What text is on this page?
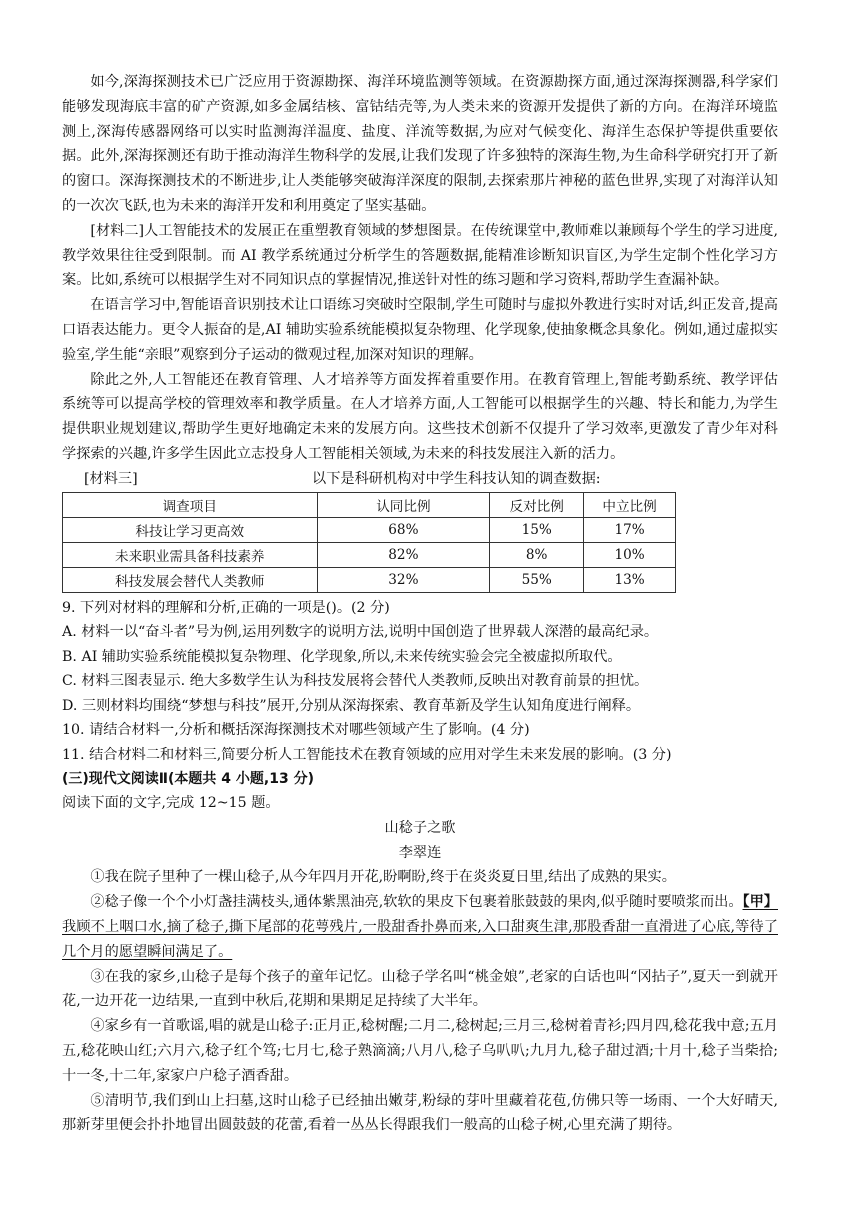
如今,深海探测技术已广泛应用于资源勘探、海洋环境监测等领域。在资源勘探方面,通过深海探测器,科学家们能够发现海底丰富的矿产资源,如多金属结核、富钴结壳等,为人类未来的资源开发提供了新的方向。在海洋环境监测上,深海传感器网络可以实时监测海洋温度、盐度、洋流等数据,为应对气候变化、海洋生态保护等提供重要依据。此外,深海探测还有助于推动海洋生物科学的发展,让我们发现了许多独特的深海生物,为生命科学研究打开了新的窗口。深海探测技术的不断进步,让人类能够突破海洋深度的限制,去探索那片神秘的蓝色世界,实现了对海洋认知的一次次飞跃,也为未来的海洋开发和利用奠定了坚实基础。

[材料二]人工智能技术的发展正在重塑教育领域的梦想图景。在传统课堂中,教师难以兼顾每个学生的学习进度,教学效果往往受到限制。而 AI 教学系统通过分析学生的答题数据,能精准诊断知识盲区,为学生定制个性化学习方案。比如,系统可以根据学生对不同知识点的掌握情况,推送针对性的练习题和学习资料,帮助学生查漏补缺。

在语言学习中,智能语音识别技术让口语练习突破时空限制,学生可随时与虚拟外教进行实时对话,纠正发音,提高口语表达能力。更令人振奋的是,AI 辅助实验系统能模拟复杂物理、化学现象,使抽象概念具象化。例如,通过虚拟实验室,学生能“亲眼”观察到分子运动的微观过程,加深对知识的理解。

除此之外,人工智能还在教育管理、人才培养等方面发挥着重要作用。在教育管理上,智能考勤系统、教学评估系统等可以提高学校的管理效率和教学质量。在人才培养方面,人工智能可以根据学生的兴趣、特长和能力,为学生提供职业规划建议,帮助学生更好地确定未来的发展方向。这些技术创新不仅提升了学习效率,更激发了青少年对科学探索的兴趣,许多学生因此立志投身人工智能相关领域,为未来的科技发展注入新的活力。

[材料三]	以下是科研机构对中学生科技认知的调查数据:
调查项目	认同比例	反对比例	中立比例
科技让学习更高效	68%	15%	17%
未来职业需具备科技素养	82%	8%	10%
科技发展会替代人类教师	32%	55%	13%

9. 下列对材料的理解和分析,正确的一项是()。(2 分)

A. 材料一以“奋斗者”号为例,运用列数字的说明方法,说明中国创造了世界载人深潜的最高纪录。

B. AI 辅助实验系统能模拟复杂物理、化学现象,所以,未来传统实验会完全被虚拟所取代。

C. 材料三图表显示. 绝大多数学生认为科技发展将会替代人类教师,反映出对教育前景的担忧。

D. 三则材料均围绕“梦想与科技”展开,分别从深海探索、教育革新及学生认知角度进行阐释。

10. 请结合材料一,分析和概括深海探测技术对哪些领域产生了影响。(4 分)

11. 结合材料二和材料三,简要分析人工智能技术在教育领域的应用对学生未来发展的影响。(3 分)

(三)现代文阅读Ⅱ(本题共 4 小题,13 分)

阅读下面的文字,完成 12~15 题。

山稔子之歌

李翠连

①我在院子里种了一棵山稔子,从今年四月开花,盼啊盼,终于在炎炎夏日里,结出了成熟的果实。

②稔子像一个个小灯盏挂满枝头,通体紫黑油亮,软软的果皮下包裹着胀鼓鼓的果肉,似乎随时要喷浆而出。【甲】我顾不上咽口水,摘了稔子,撕下尾部的花萼残片,一股甜香扑鼻而来,入口甜爽生津,那股香甜一直滑进了心底,等待了几个月的愿望瞬间满足了。

③在我的家乡,山稔子是每个孩子的童年记忆。山稔子学名叫“桃金娘”,老家的白话也叫“冈拈子”,夏天一到就开花,一边开花一边结果,一直到中秋后,花期和果期足足持续了大半年。

④家乡有一首歌谣,唱的就是山稔子:正月正,稔树醒;二月二,稔树起;三月三,稔树着青衫;四月四,稔花我中意;五月五,稔花映山红;六月六,稔子红个笃;七月七,稔子熟滴滴;八月八,稔子乌叭叭;九月九,稔子甜过酒;十月十,稔子当柴拾;十一冬,十二年,家家户户稔子酒香甜。

⑤清明节,我们到山上扫墓,这时山稔子已经抽出嫩芽,粉绿的芽叶里藏着花苞,仿佛只等一场雨、一个大好晴天,那新芽里便会扑扑地冒出圆鼓鼓的花蕾,看着一丛丛长得跟我们一般高的山稔子树,心里充满了期待。
